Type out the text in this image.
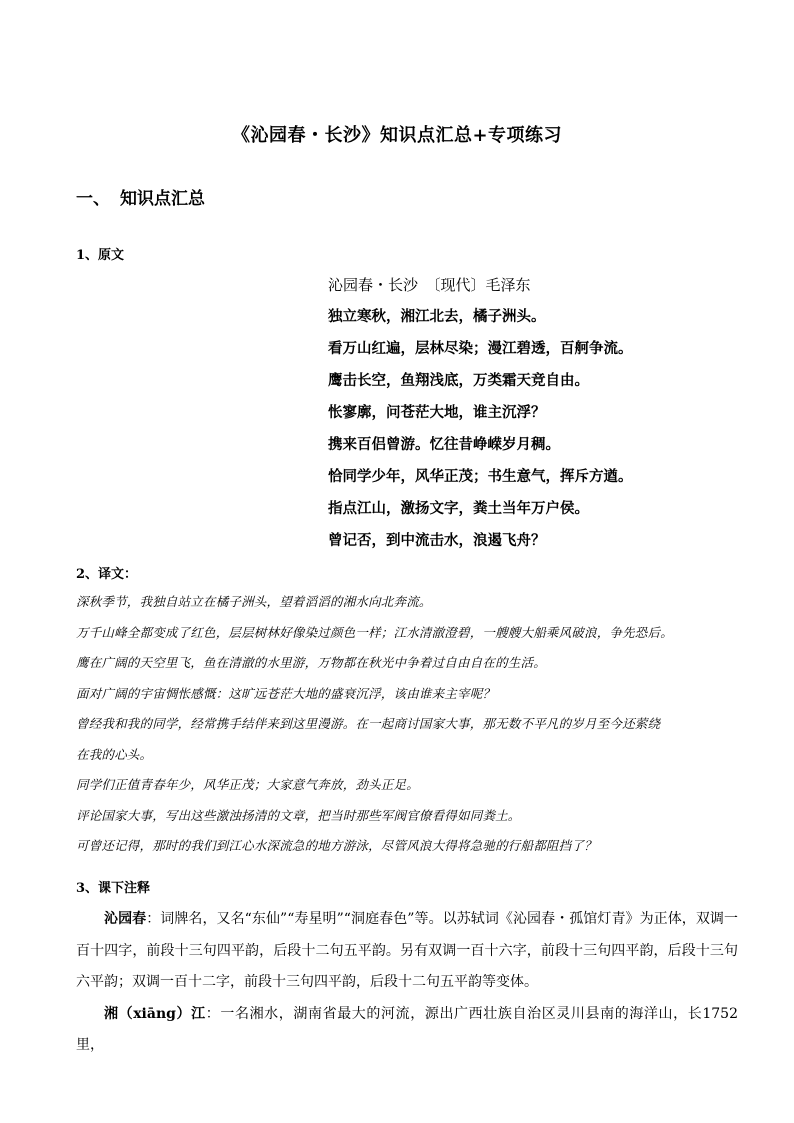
《沁园春・长沙》知识点汇总+专项练习
一、 知识点汇总
1、原文
沁园春・长沙　〔现代〕毛泽东
独立寒秋，湘江北去，橘子洲头。
看万山红遍，层林尽染；漫江碧透，百舸争流。
鹰击长空，鱼翔浅底，万类霜天竞自由。
怅寥廓，问苍茫大地，谁主沉浮？
携来百侣曾游。忆往昔峥嵘岁月稠。
恰同学少年，风华正茂；书生意气，挥斥方遒。
指点江山，激扬文字，粪土当年万户侯。
曾记否，到中流击水，浪遏飞舟？
2、译文：
深秋季节，我独自站立在橘子洲头，望着滔滔的湘水向北奔流。
万千山峰全都变成了红色，层层树林好像染过颜色一样；江水清澈澄碧，一艘艘大船乘风破浪，争先恐后。
鹰在广阔的天空里飞，鱼在清澈的水里游，万物都在秋光中争着过自由自在的生活。
面对广阔的宇宙惆怅感慨：这旷远苍茫大地的盛衰沉浮，该由谁来主宰呢？
曾经我和我的同学，经常携手结伴来到这里漫游。在一起商讨国家大事，那无数不平凡的岁月至今还萦绕
在我的心头。
同学们正值青春年少，风华正茂；大家意气奔放，劲头正足。
评论国家大事，写出这些激浊扬清的文章，把当时那些军阀官僚看得如同粪土。
可曾还记得，那时的我们到江心水深流急的地方游泳，尽管风浪大得将急驰的行船都阻挡了？
3、课下注释

沁园春：词牌名，又名“东仙”“寿星明”“洞庭春色”等。以苏轼词《沁园春・孤馆灯青》为正体，双调一百十四字，前段十三句四平韵，后段十二句五平韵。另有双调一百十六字，前段十三句四平韵，后段十三句六平韵；双调一百十二字，前段十三句四平韵，后段十二句五平韵等变体。

湘（xiāng）江：一名湘水，湖南省最大的河流，源出广西壮族自治区灵川县南的海洋山，长1752里，
